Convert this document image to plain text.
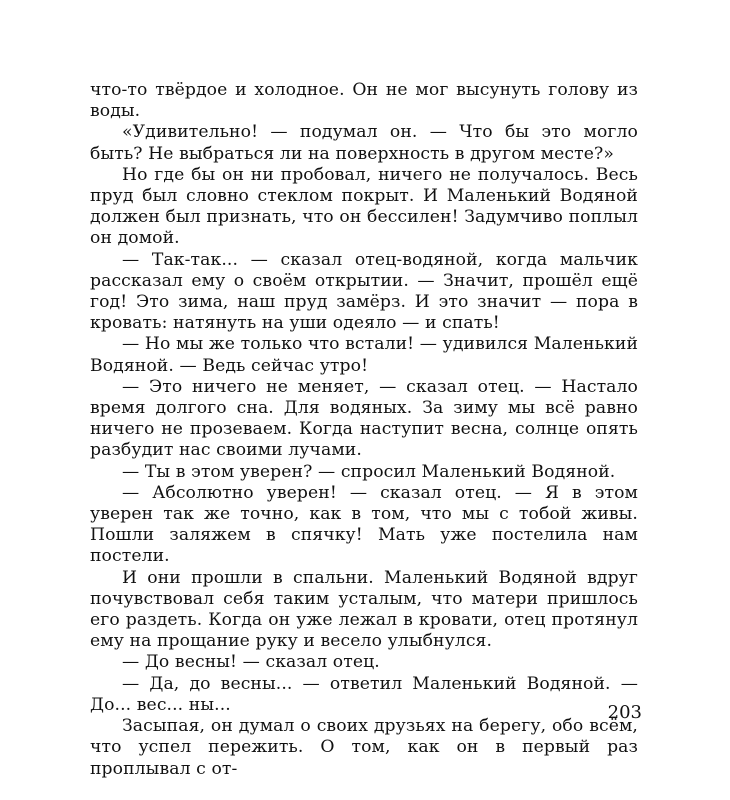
что-то твёрдое и холодное. Он не мог высунуть голову из воды.

«Удивительно! — подумал он. — Что бы это могло быть? Не выбраться ли на поверхность в другом месте?»

Но где бы он ни пробовал, ничего не получалось. Весь пруд был словно стеклом покрыт. И Маленький Водяной должен был признать, что он бессилен! Задумчиво поплыл он домой.

— Так-так... — сказал отец-водяной, когда мальчик рассказал ему о своём открытии. — Значит, прошёл ещё год! Это зима, наш пруд замёрз. И это значит — пора в кровать: натянуть на уши одеяло — и спать!

— Но мы же только что встали! — удивился Маленький Водяной. — Ведь сейчас утро!

— Это ничего не меняет, — сказал отец. — Настало время долгого сна. Для водяных. За зиму мы всё равно ничего не прозеваем. Когда наступит весна, солнце опять разбудит нас своими лучами.

— Ты в этом уверен? — спросил Маленький Водяной.

— Абсолютно уверен! — сказал отец. — Я в этом уверен так же точно, как в том, что мы с тобой живы. Пошли заляжем в спячку! Мать уже постелила нам постели.

И они прошли в спальни. Маленький Водяной вдруг почувствовал себя таким усталым, что матери пришлось его раздеть. Когда он уже лежал в кровати, отец протянул ему на прощание руку и весело улыбнулся.

— До весны! — сказал отец.

— Да, до весны... — ответил Маленький Водяной. — До... вес... ны...

Засыпая, он думал о своих друзьях на берегу, обо всём, что успел пережить. О том, как он в первый раз проплывал с от-

203
